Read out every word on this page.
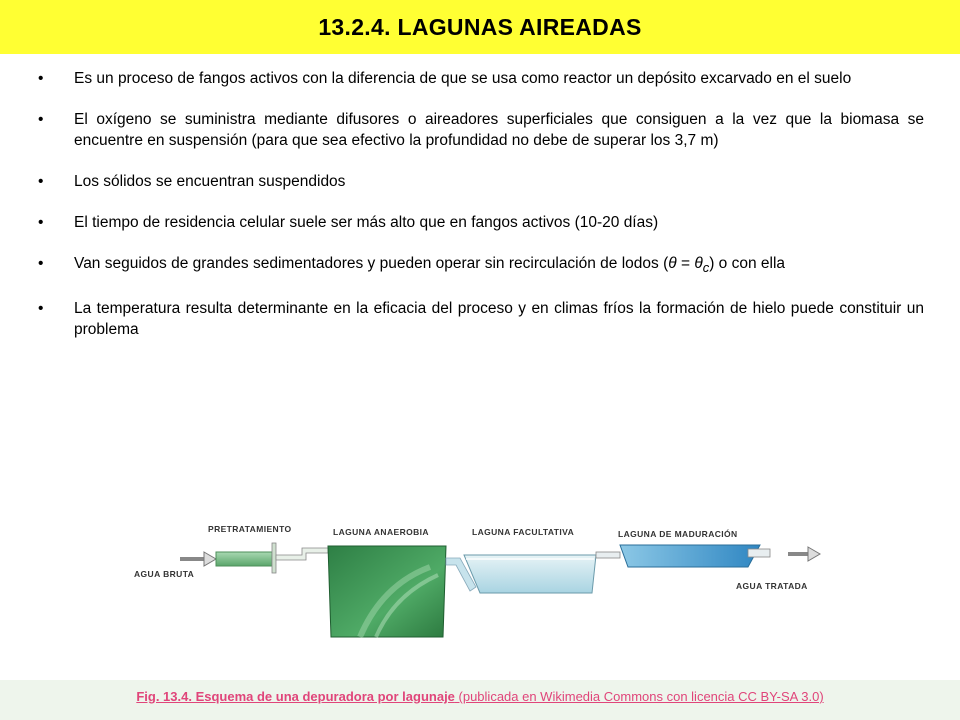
13.2.4. LAGUNAS AIREADAS
•	Es un proceso de fangos activos con la diferencia de que se usa como reactor un depósito excarvado en el suelo
•	El oxígeno se suministra mediante difusores o aireadores superficiales que consiguen a la vez que la biomasa se encuentre en suspensión (para que sea efectivo la profundidad no debe de superar los 3,7 m)
•	Los sólidos se encuentran suspendidos
•	El tiempo de residencia celular suele ser más alto que en fangos activos (10-20 días)
•	Van seguidos de grandes sedimentadores y pueden operar sin recirculación de lodos $(\theta = \theta_c)$ o con ella
•	La temperatura resulta determinante en la eficacia del proceso y en climas fríos la formación de hielo puede constituir un problema
PRETRATAMIENTO	LAGUNA ANAEROBIA	LAGUNA FACULTATIVA	LAGUNA DE MADURACIÓN
AGUA BRUTA
AGUA TRATADA
Fig. 13.4. Esquema de una depuradora por lagunaje (publicada en Wikimedia Commons con licencia CC BY-SA 3.0)
